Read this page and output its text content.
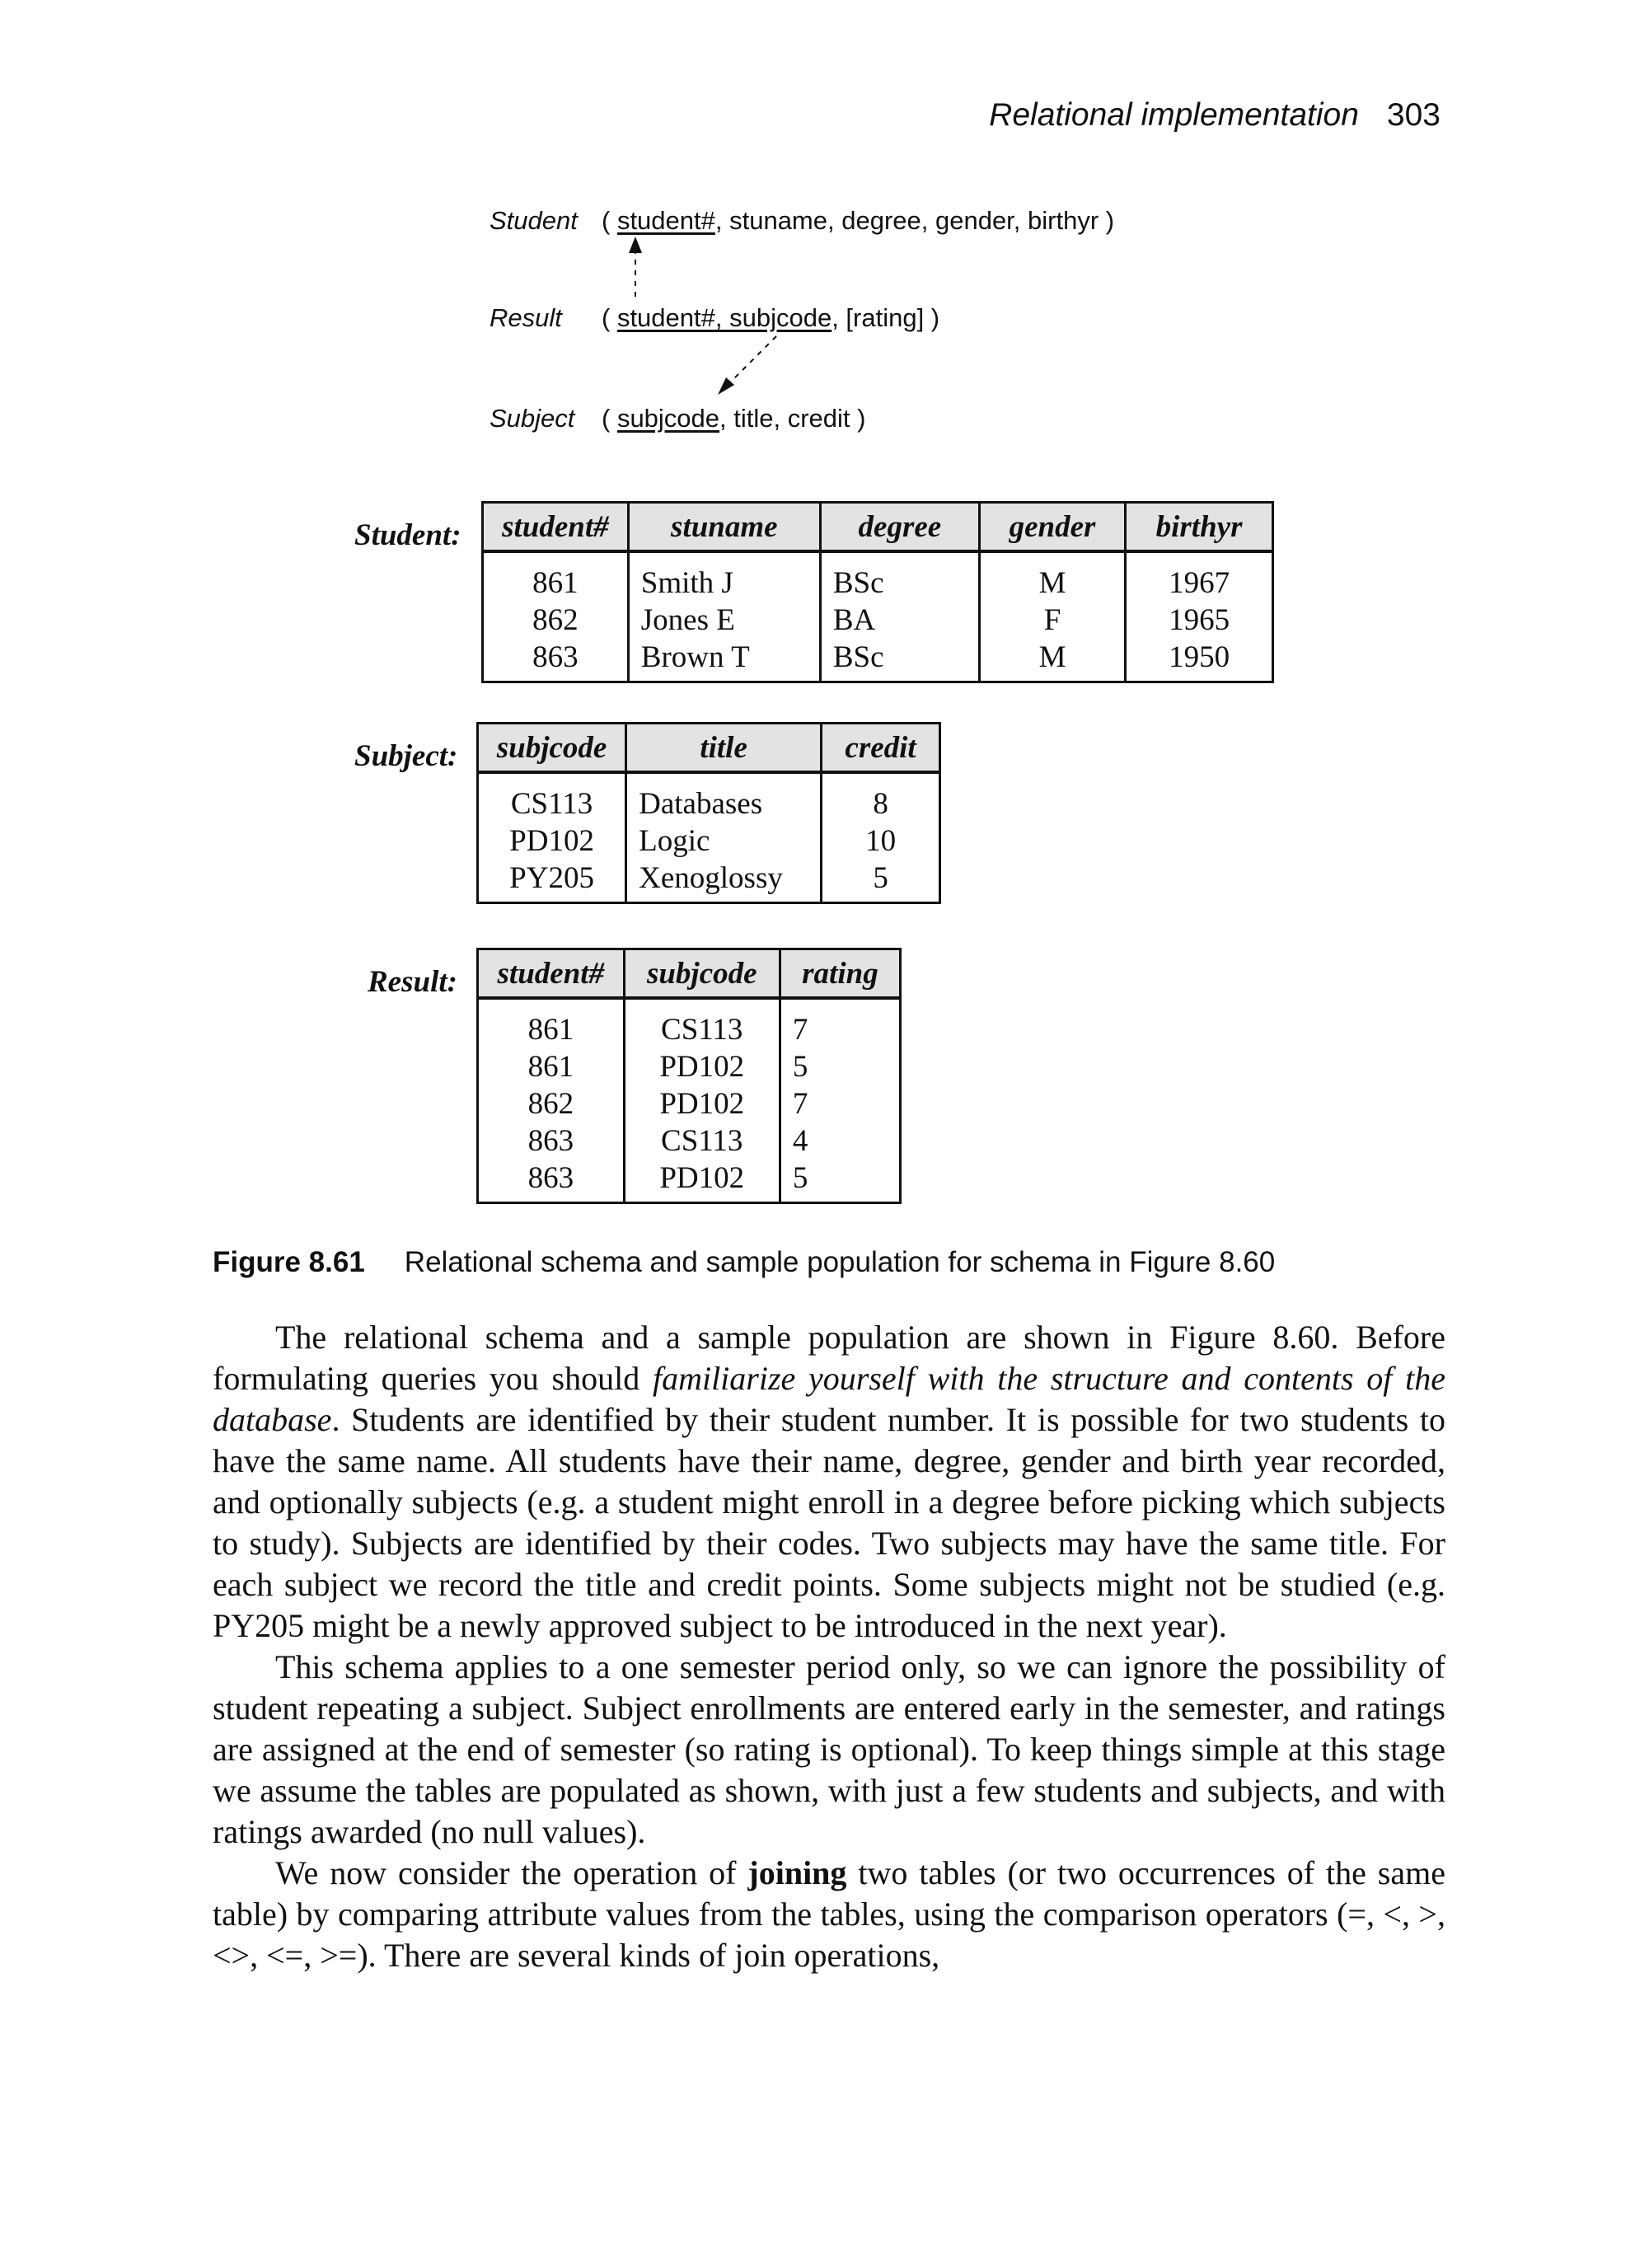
Relational implementation 303
Student ( student#, stuname, degree, gender, birthyr )
Result ( student#, subjcode, [rating] )
Subject ( subjcode, title, credit )
Student: student#	stuname	degree	gender	birthyr
861	Smith J	BSc	M	1967
862	Jones E	BA	F	1965
863	Brown T	BSc	M	1950
Subject: subjcode	title	credit
CS113	Databases	8
PD102	Logic	10
PY205	Xenoglossy	5
Result: student#	subjcode	rating
861	CS113	7
861	PD102	5
862	PD102	7
863	CS113	4
863	PD102	5
Figure 8.61 Relational schema and sample population for schema in Figure 8.60

The relational schema and a sample population are shown in Figure 8.60. Before formulating queries you should familiarize yourself with the structure and contents of the database. Students are identified by their student number. It is possible for two students to have the same name. All students have their name, degree, gender and birth year recorded, and optionally subjects (e.g. a student might enroll in a degree before picking which subjects to study). Subjects are identified by their codes. Two subjects may have the same title. For each subject we record the title and credit points. Some subjects might not be studied (e.g. PY205 might be a newly approved subject to be introduced in the next year).

This schema applies to a one semester period only, so we can ignore the possibility of student repeating a subject. Subject enrollments are entered early in the semester, and ratings are assigned at the end of semester (so rating is optional). To keep things simple at this stage we assume the tables are populated as shown, with just a few students and subjects, and with ratings awarded (no null values).

We now consider the operation of joining two tables (or two occurrences of the same table) by comparing attribute values from the tables, using the comparison operators (=, <, >, <>, <=, >=). There are several kinds of join operations,
